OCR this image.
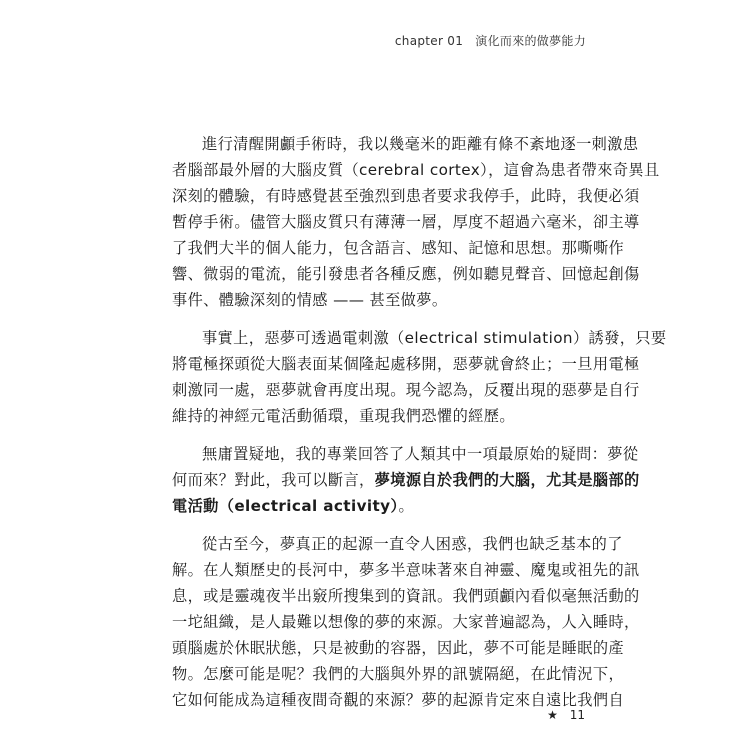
chapter 01 演化而來的做夢能力
進行清醒開顱手術時，我以幾毫米的距離有條不紊地逐一刺激患
者腦部最外層的大腦皮質（cerebral cortex），這會為患者帶來奇異且
深刻的體驗，有時感覺甚至強烈到患者要求我停手，此時，我便必須
暫停手術。儘管大腦皮質只有薄薄一層，厚度不超過六毫米，卻主導
了我們大半的個人能力，包含語言、感知、記憶和思想。那嘶嘶作
響、微弱的電流，能引發患者各種反應，例如聽見聲音、回憶起創傷
事件、體驗深刻的情感 —— 甚至做夢。
事實上，惡夢可透過電刺激（electrical stimulation）誘發，只要
將電極探頭從大腦表面某個隆起處移開，惡夢就會終止；一旦用電極
刺激同一處，惡夢就會再度出現。現今認為，反覆出現的惡夢是自行
維持的神經元電活動循環，重現我們恐懼的經歷。
無庸置疑地，我的專業回答了人類其中一項最原始的疑問：夢從
何而來？對此，我可以斷言，夢境源自於我們的大腦，尤其是腦部的
電活動（electrical activity）。
從古至今，夢真正的起源一直令人困惑，我們也缺乏基本的了
解。在人類歷史的長河中，夢多半意味著來自神靈、魔鬼或祖先的訊
息，或是靈魂夜半出竅所搜集到的資訊。我們頭顱內看似毫無活動的
一坨組織，是人最難以想像的夢的來源。大家普遍認為，人入睡時，
頭腦處於休眠狀態，只是被動的容器，因此，夢不可能是睡眠的產
物。怎麼可能是呢？我們的大腦與外界的訊號隔絕，在此情況下，
它如何能成為這種夜間奇觀的來源？夢的起源肯定來自遠比我們自
★ 11
